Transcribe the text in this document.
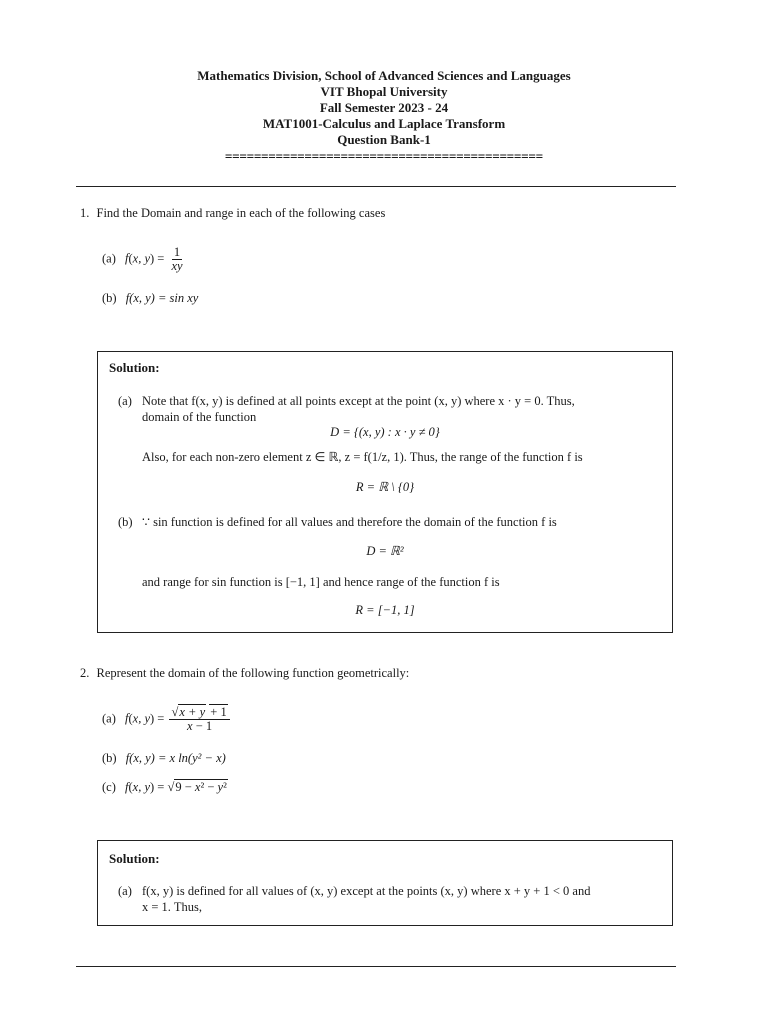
Mathematics Division, School of Advanced Sciences and Languages
VIT Bhopal University
Fall Semester 2023 - 24
MAT1001-Calculus and Laplace Transform
Question Bank-1
============================================
1. Find the Domain and range in each of the following cases
(a) f(x, $y) = \frac{1}{xy}$
(b) f(x, y) = sin xy
Solution:
(a) Note that f(x, y) is defined at all points except at the point (x, y) where x · y = 0. Thus,
domain of the function
D = {(x, y) : x · y ≠ 0}
Also, for each non-zero element z ∈ ℝ, z = f(1/z, 1). Thus, the range of the function f is
R = ℝ \ {0}
(b) ∵ sin function is defined for all values and therefore the domain of the function f is
D = ℝ²
and range for sin function is [−1, 1] and hence range of the function f is
R = [−1, 1]
2. Represent the domain of the following function geometrically:
(a) f(x, $y) = \frac{√x + y + 1}{x - 1}$
(b) f(x, y) = x ln(y² − x)
(c) f(x, y) = √9 − x² − y²
Solution:
(a) f(x, y) is defined for all values of (x, y) except at the points (x, y) where x + y + 1 < 0 and
x = 1. Thus,
